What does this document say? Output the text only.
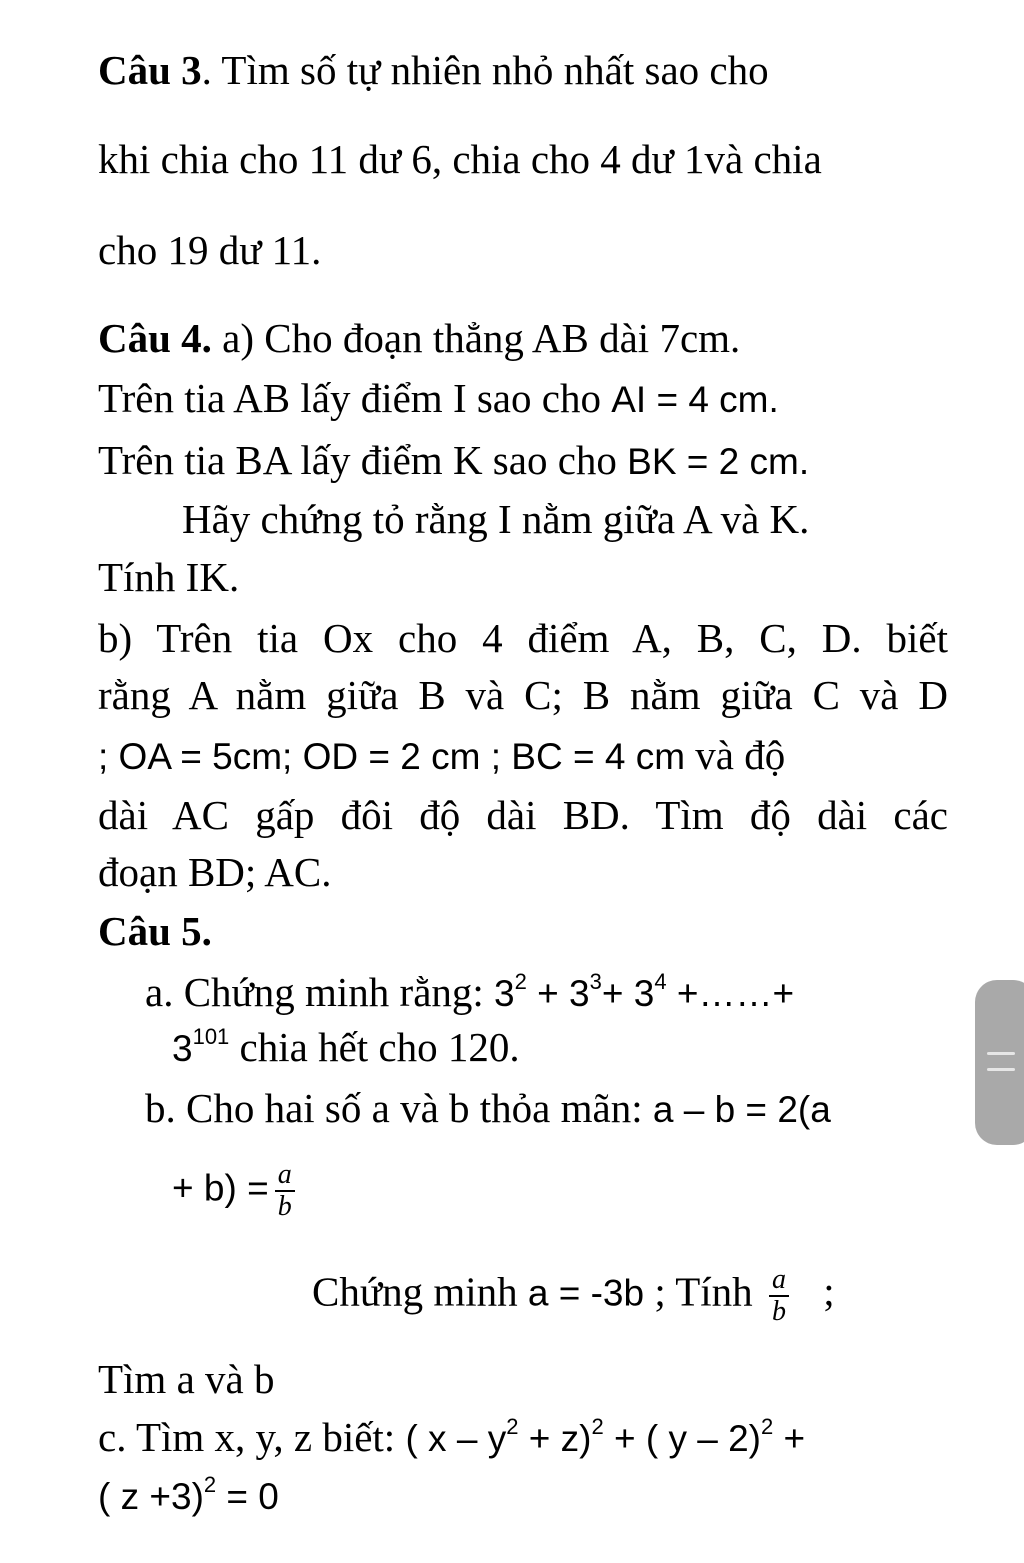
Câu 3. Tìm số tự nhiên nhỏ nhất sao cho
khi chia cho 11 dư 6, chia cho 4 dư 1và chia
cho 19 dư 11.
Câu 4. a) Cho đoạn thẳng AB dài 7cm.
Trên tia AB lấy điểm I sao cho AI = 4 cm.
Trên tia BA lấy điểm K sao cho BK = 2 cm.
Hãy chứng tỏ rằng I nằm giữa A và K.
Tính IK.
b) Trên tia Ox cho 4 điểm A, B, C, D. biết
rằng A nằm giữa B và C; B nằm giữa C và D
; OA = 5cm; OD = 2 cm ; BC = 4 cm và độ
dài AC gấp đôi độ dài BD. Tìm độ dài các
đoạn BD; AC.
Câu 5.
a. Chứng minh rằng: $3^2 + 3^3+ 3^4$ +……+
$3^{101}$ chia hết cho 120.
b. Cho hai số a và b thỏa mãn: a – b = 2(a
+ $b) = \frac{a}{b}$
Chứng minh a = -3b ; Tính $\frac{a}{b}$ ;
Tìm a và b
c. Tìm x, y, z biết: ( $x - y^2 + z)^2$ + ( y – 2)$^2$ +
( z +3)$^2$ = 0
